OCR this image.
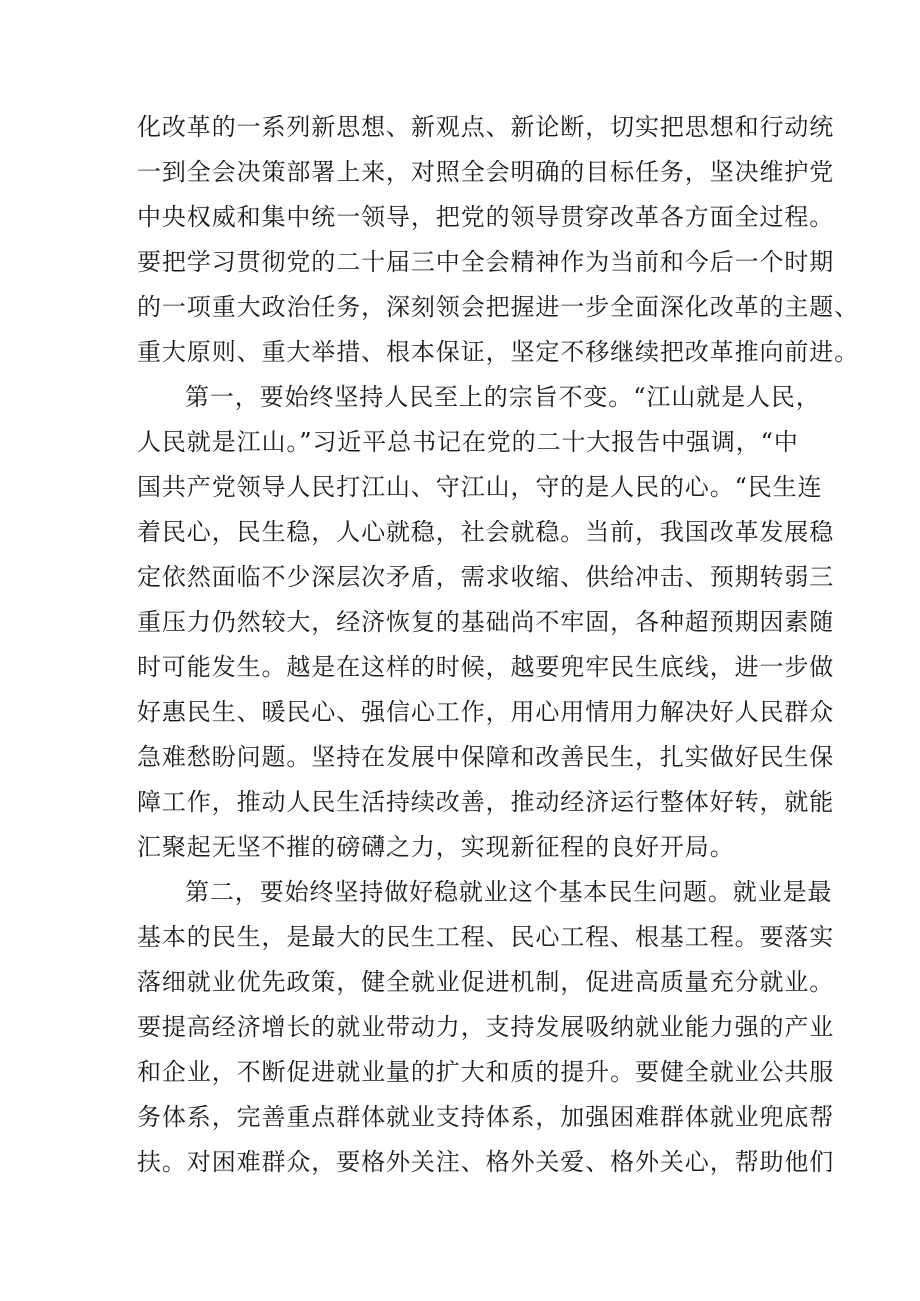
化改革的一系列新思想、新观点、新论断，切实把思想和行动统
一到全会决策部署上来，对照全会明确的目标任务，坚决维护党
中央权威和集中统一领导，把党的领导贯穿改革各方面全过程。
要把学习贯彻党的二十届三中全会精神作为当前和今后一个时期
的一项重大政治任务，深刻领会把握进一步全面深化改革的主题、
重大原则、重大举措、根本保证，坚定不移继续把改革推向前进。
第一，要始终坚持人民至上的宗旨不变。“江山就是人民，
人民就是江山。”习近平总书记在党的二十大报告中强调，“中
国共产党领导人民打江山、守江山，守的是人民的心。“民生连
着民心，民生稳，人心就稳，社会就稳。当前，我国改革发展稳
定依然面临不少深层次矛盾，需求收缩、供给冲击、预期转弱三
重压力仍然较大，经济恢复的基础尚不牢固，各种超预期因素随
时可能发生。越是在这样的时候，越要兜牢民生底线，进一步做
好惠民生、暖民心、强信心工作，用心用情用力解决好人民群众
急难愁盼问题。坚持在发展中保障和改善民生，扎实做好民生保
障工作，推动人民生活持续改善，推动经济运行整体好转，就能
汇聚起无坚不摧的磅礴之力，实现新征程的良好开局。
第二，要始终坚持做好稳就业这个基本民生问题。就业是最
基本的民生，是最大的民生工程、民心工程、根基工程。要落实
落细就业优先政策，健全就业促进机制，促进高质量充分就业。
要提高经济增长的就业带动力，支持发展吸纳就业能力强的产业
和企业，不断促进就业量的扩大和质的提升。要健全就业公共服
务体系，完善重点群体就业支持体系，加强困难群体就业兜底帮
扶。对困难群众，要格外关注、格外关爱、格外关心，帮助他们
